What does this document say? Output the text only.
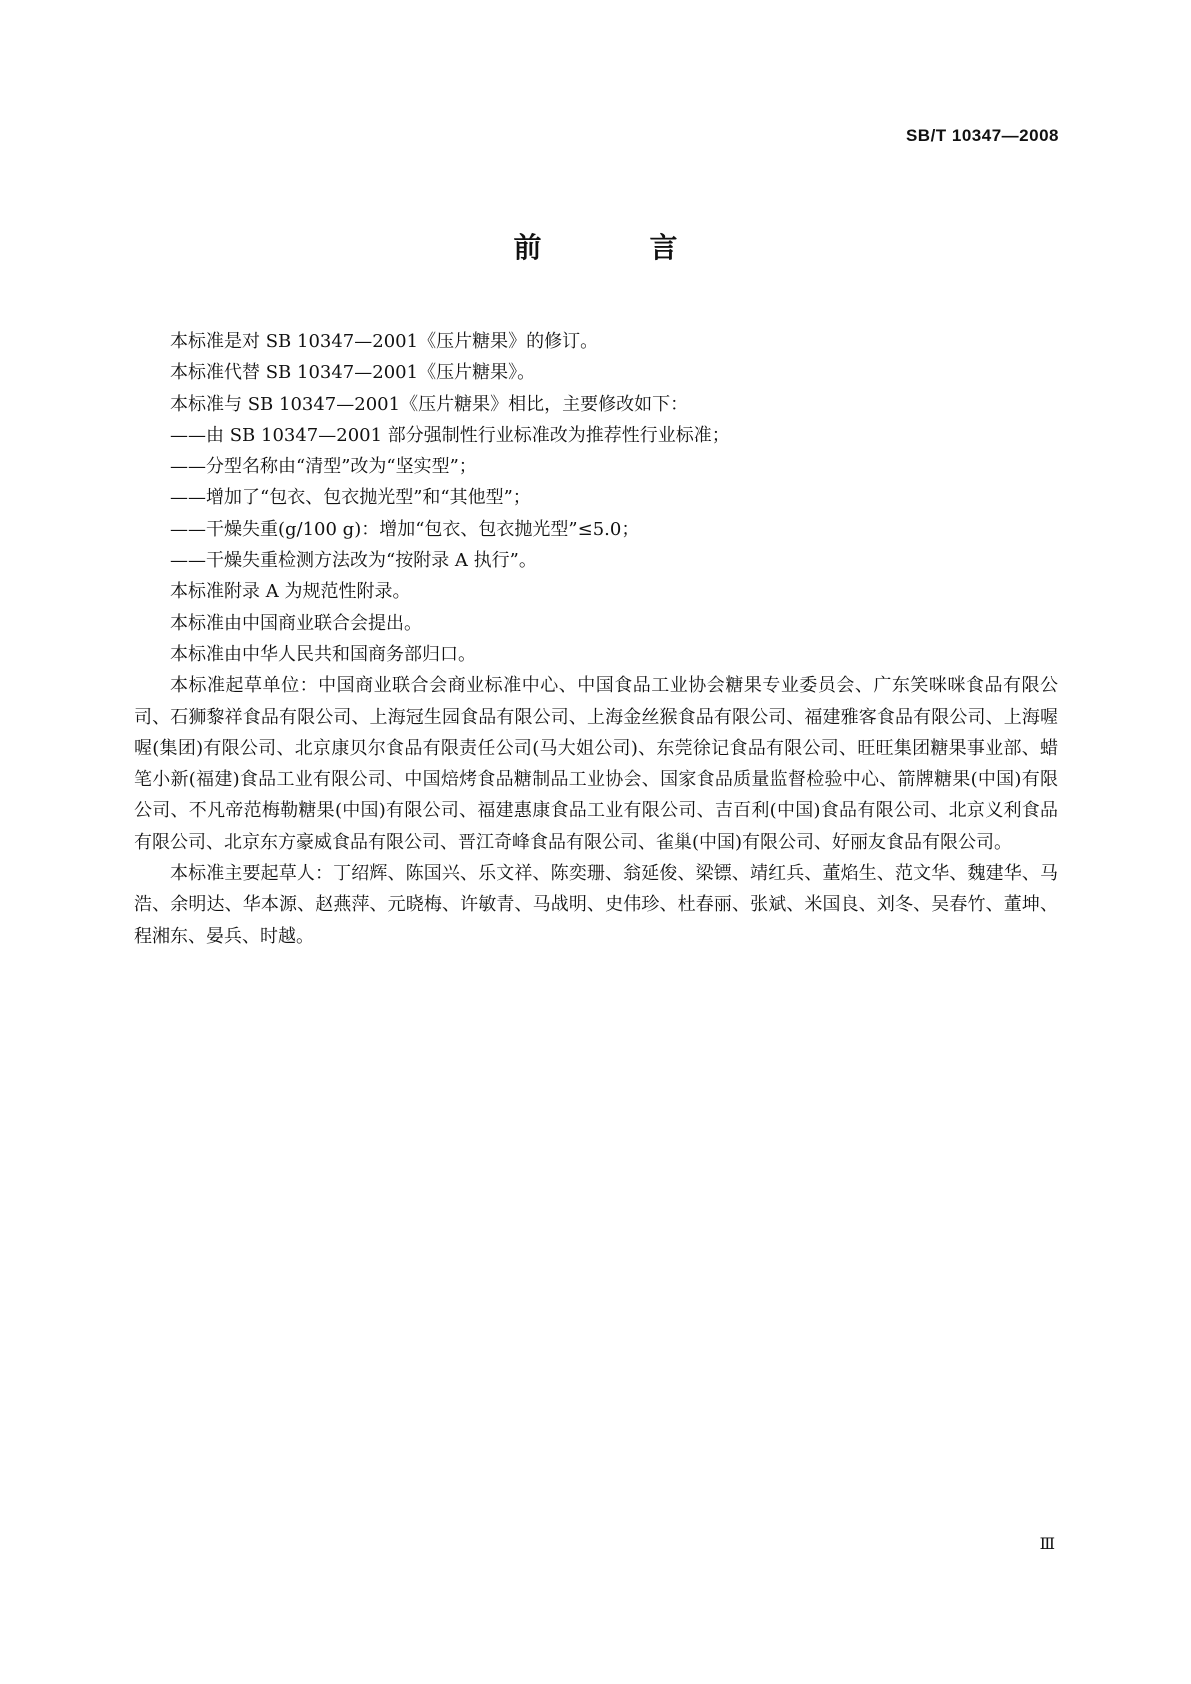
SB/T 10347—2008
前　言

本标准是对 SB 10347—2001《压片糖果》的修订。

本标准代替 SB 10347—2001《压片糖果》。

本标准与 SB 10347—2001《压片糖果》相比，主要修改如下：

——由 SB 10347—2001 部分强制性行业标准改为推荐性行业标准；

——分型名称由“清型”改为“坚实型”；

——增加了“包衣、包衣抛光型”和“其他型”；

——干燥失重(g/100 g)：增加“包衣、包衣抛光型”≤5.0；

——干燥失重检测方法改为“按附录 A 执行”。

本标准附录 A 为规范性附录。

本标准由中国商业联合会提出。

本标准由中华人民共和国商务部归口。

本标准起草单位：中国商业联合会商业标准中心、中国食品工业协会糖果专业委员会、广东笑咪咪食品有限公司、石狮黎祥食品有限公司、上海冠生园食品有限公司、上海金丝猴食品有限公司、福建雅客食品有限公司、上海喔喔(集团)有限公司、北京康贝尔食品有限责任公司(马大姐公司)、东莞徐记食品有限公司、旺旺集团糖果事业部、蜡笔小新(福建)食品工业有限公司、中国焙烤食品糖制品工业协会、国家食品质量监督检验中心、箭牌糖果(中国)有限公司、不凡帝范梅勒糖果(中国)有限公司、福建惠康食品工业有限公司、吉百利(中国)食品有限公司、北京义利食品有限公司、北京东方豪威食品有限公司、晋江奇峰食品有限公司、雀巢(中国)有限公司、好丽友食品有限公司。

本标准主要起草人：丁绍辉、陈国兴、乐文祥、陈奕珊、翁延俊、梁镖、靖红兵、董焰生、范文华、魏建华、马浩、余明达、华本源、赵燕萍、元晓梅、许敏青、马战明、史伟珍、杜春丽、张斌、米国良、刘冬、吴春竹、董坤、程湘东、晏兵、时越。

Ⅲ
